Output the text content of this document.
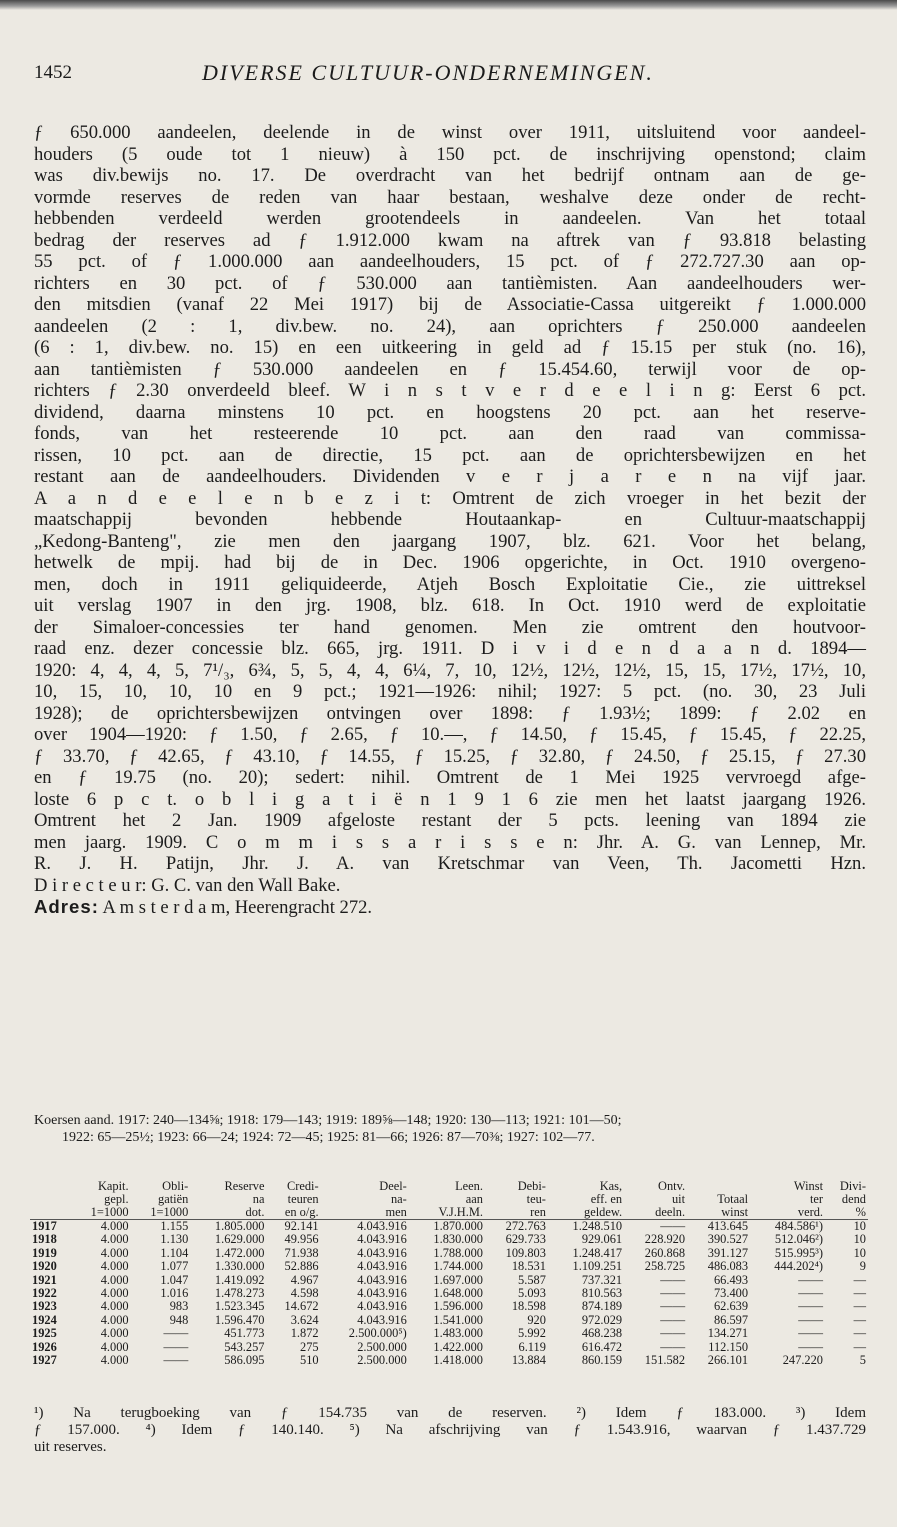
1452	DIVERSE CULTUUR-ONDERNEMINGEN.
ƒ 650.000 aandeelen, deelende in de winst over 1911, uitsluitend voor aandeel-
houders (5 oude tot 1 nieuw) à 150 pct. de inschrijving openstond; claim
was div.bewijs no. 17. De overdracht van het bedrijf ontnam aan de ge-
vormde reserves de reden van haar bestaan, weshalve deze onder de recht-
hebbenden verdeeld werden grootendeels in aandeelen. Van het totaal
bedrag der reserves ad ƒ 1.912.000 kwam na aftrek van ƒ 93.818 belasting
55 pct. of ƒ 1.000.000 aan aandeelhouders, 15 pct. of ƒ 272.727.30 aan op-
richters en 30 pct. of ƒ 530.000 aan tantièmisten. Aan aandeelhouders wer-
den mitsdien (vanaf 22 Mei 1917) bij de Associatie-Cassa uitgereikt ƒ 1.000.000
aandeelen (2 : 1, div.bew. no. 24), aan oprichters ƒ 250.000 aandeelen
(6 : 1, div.bew. no. 15) en een uitkeering in geld ad ƒ 15.15 per stuk (no. 16),
aan tantièmisten ƒ 530.000 aandeelen en ƒ 15.454.60, terwijl voor de op-
richters ƒ 2.30 onverdeeld bleef. W i n s t v e r d e e l i n g: Eerst 6 pct.
dividend, daarna minstens 10 pct. en hoogstens 20 pct. aan het reserve-
fonds, van het resteerende 10 pct. aan den raad van commissa-
rissen, 10 pct. aan de directie, 15 pct. aan de oprichtersbewijzen en het
restant aan de aandeelhouders. Dividenden v e r j a r e n na vijf jaar.
A a n d e e l e n b e z i t: Omtrent de zich vroeger in het bezit der
maatschappij bevonden hebbende Houtaankap- en Cultuur-maatschappij
„Kedong-Banteng", zie men den jaargang 1907, blz. 621. Voor het belang,
hetwelk de mpij. had bij de in Dec. 1906 opgerichte, in Oct. 1910 overgeno-
men, doch in 1911 geliquideerde, Atjeh Bosch Exploitatie Cie., zie uittreksel
uit verslag 1907 in den jrg. 1908, blz. 618. In Oct. 1910 werd de exploitatie
der Simaloer-concessies ter hand genomen. Men zie omtrent den houtvoor-
raad enz. dezer concessie blz. 665, jrg. 1911. D i v i d e n d a a n d. 1894—
1920: 4, 4, 4, 5, 7¹/₃, 6¾, 5, 5, 4, 4, 6¼, 7, 10, 12½, 12½, 12½, 15, 15, 17½, 17½, 10,
10, 15, 10, 10, 10 en 9 pct.; 1921—1926: nihil; 1927: 5 pct. (no. 30, 23 Juli
1928); de oprichtersbewijzen ontvingen over 1898: ƒ 1.93½; 1899: ƒ 2.02 en
over 1904—1920: ƒ 1.50, ƒ 2.65, ƒ 10.—, ƒ 14.50, ƒ 15.45, ƒ 15.45, ƒ 22.25,
ƒ 33.70, ƒ 42.65, ƒ 43.10, ƒ 14.55, ƒ 15.25, ƒ 32.80, ƒ 24.50, ƒ 25.15, ƒ 27.30
en ƒ 19.75 (no. 20); sedert: nihil. Omtrent de 1 Mei 1925 vervroegd afge-
loste 6 p c t. o b l i g a t i ë n 1 9 1 6 zie men het laatst jaargang 1926.
Omtrent het 2 Jan. 1909 afgeloste restant der 5 pcts. leening van 1894 zie
men jaarg. 1909. C o m m i s s a r i s s e n: Jhr. A. G. van Lennep, Mr.
R. J. H. Patijn, Jhr. J. A. van Kretschmar van Veen, Th. Jacometti Hzn.
D i r e c t e u r: G. C. van den Wall Bake.
Adres: A m s t e r d a m, Heerengracht 272.
Koersen aand. 1917: 240—134⅝; 1918: 179—143; 1919: 189⅝—148; 1920: 130—113; 1921: 101—50;
1922: 65—25½; 1923: 66—24; 1924: 72—45; 1925: 81—66; 1926: 87—70⅜; 1927: 102—77.
	Kapit.	Obli-	Reserve	Credi-	Deel-	Leen.	Debi-	Kas,	Ontv.		Winst	Divi-
	gepl.	gatiën	na	teuren	na-	aan	teu-	eff. en	uit	Totaal	ter	dend
	1=1000	1=1000	dot.	en o/g.	men	V.J.H.M.	ren	geldew.	deeln.	winst	verd.	%
1917	4.000	1.155	1.805.000	92.141	4.043.916	1.870.000	272.763	1.248.510	——	413.645	484.586¹)	10
1918	4.000	1.130	1.629.000	49.956	4.043.916	1.830.000	629.733	929.061	228.920	390.527	512.046²)	10
1919	4.000	1.104	1.472.000	71.938	4.043.916	1.788.000	109.803	1.248.417	260.868	391.127	515.995³)	10
1920	4.000	1.077	1.330.000	52.886	4.043.916	1.744.000	18.531	1.109.251	258.725	486.083	444.202⁴)	9
1921	4.000	1.047	1.419.092	4.967	4.043.916	1.697.000	5.587	737.321	——	66.493	——	—
1922	4.000	1.016	1.478.273	4.598	4.043.916	1.648.000	5.093	810.563	——	73.400	——	—
1923	4.000	983	1.523.345	14.672	4.043.916	1.596.000	18.598	874.189	——	62.639	——	—
1924	4.000	948	1.596.470	3.624	4.043.916	1.541.000	920	972.029	——	86.597	——	—
1925	4.000	——	451.773	1.872	2.500.000⁵)	1.483.000	5.992	468.238	——	134.271	——	—
1926	4.000	——	543.257	275	2.500.000	1.422.000	6.119	616.472	——	112.150	——	—
1927	4.000	——	586.095	510	2.500.000	1.418.000	13.884	860.159	151.582	266.101	247.220	5
¹) Na terugboeking van ƒ 154.735 van de reserven. ²) Idem ƒ 183.000. ³) Idem
ƒ 157.000. ⁴) Idem ƒ 140.140. ⁵) Na afschrijving van ƒ 1.543.916, waarvan ƒ 1.437.729
uit reserves.
